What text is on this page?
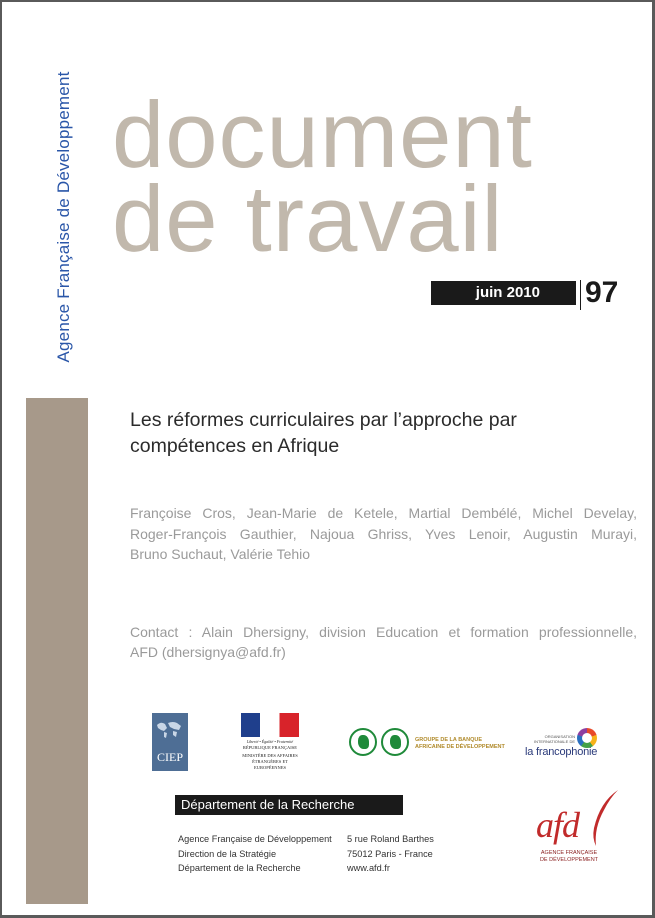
Agence Française de Développement document
de travail
juin 2010 97
Les réformes curriculaires par l’approche par
compétences en Afrique
Françoise Cros, Jean-Marie de Ketele, Martial Dembélé, Michel Develay,
Roger-François Gauthier, Najoua Ghriss, Yves Lenoir, Augustin Murayi,
Bruno Suchaut, Valérie Tehio
Contact : Alain Dhersigny, division Education et formation professionnelle,
AFD (dhersignya@afd.fr)
CIEP
Liberté • Égalité • Fraternité
RÉPUBLIQUE FRANÇAISE
MINISTÈRE DES AFFAIRES ÉTRANGÈRES ET EUROPÉENNES
GROUPE DE LA BANQUE
AFRICAINE DE DÉVELOPPEMENT
ORGANISATION INTERNATIONALE DE
la francophonie
Département de la Recherche
Agence Française de Développement
Direction de la Stratégie
Département de la Recherche
5 rue Roland Barthes
75012 Paris - France
www.afd.fr
afd
AGENCE FRANÇAISE
DE DÉVELOPPEMENT
